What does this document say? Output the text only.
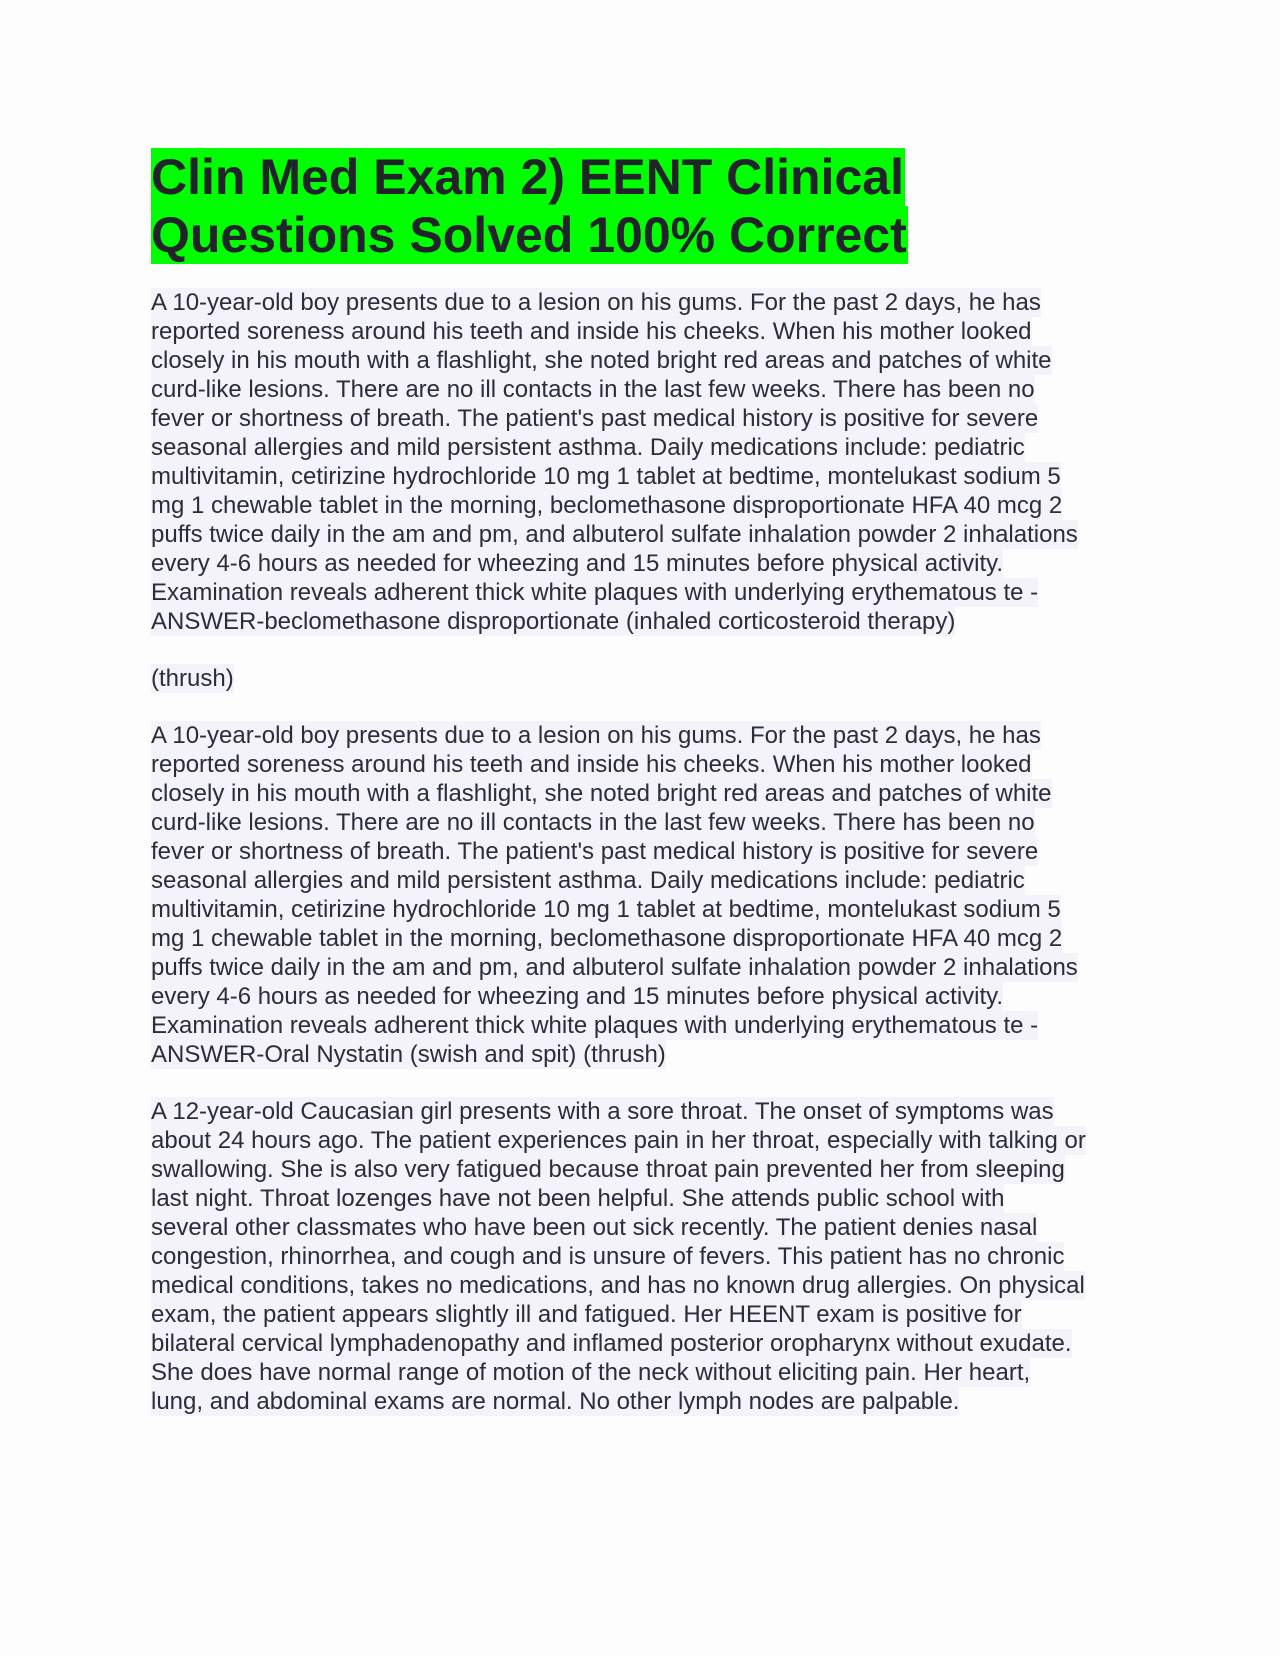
Clin Med Exam 2) EENT Clinical
Questions Solved 100% Correct

A 10-year-old boy presents due to a lesion on his gums. For the past 2 days, he has
reported soreness around his teeth and inside his cheeks. When his mother looked
closely in his mouth with a flashlight, she noted bright red areas and patches of white
curd-like lesions. There are no ill contacts in the last few weeks. There has been no
fever or shortness of breath. The patient's past medical history is positive for severe
seasonal allergies and mild persistent asthma. Daily medications include: pediatric
multivitamin, cetirizine hydrochloride 10 mg 1 tablet at bedtime, montelukast sodium 5
mg 1 chewable tablet in the morning, beclomethasone disproportionate HFA 40 mcg 2
puffs twice daily in the am and pm, and albuterol sulfate inhalation powder 2 inhalations
every 4-6 hours as needed for wheezing and 15 minutes before physical activity.
Examination reveals adherent thick white plaques with underlying erythematous te -
ANSWER-beclomethasone disproportionate (inhaled corticosteroid therapy)

(thrush)

A 10-year-old boy presents due to a lesion on his gums. For the past 2 days, he has
reported soreness around his teeth and inside his cheeks. When his mother looked
closely in his mouth with a flashlight, she noted bright red areas and patches of white
curd-like lesions. There are no ill contacts in the last few weeks. There has been no
fever or shortness of breath. The patient's past medical history is positive for severe
seasonal allergies and mild persistent asthma. Daily medications include: pediatric
multivitamin, cetirizine hydrochloride 10 mg 1 tablet at bedtime, montelukast sodium 5
mg 1 chewable tablet in the morning, beclomethasone disproportionate HFA 40 mcg 2
puffs twice daily in the am and pm, and albuterol sulfate inhalation powder 2 inhalations
every 4-6 hours as needed for wheezing and 15 minutes before physical activity.
Examination reveals adherent thick white plaques with underlying erythematous te -
ANSWER-Oral Nystatin (swish and spit) (thrush)

A 12-year-old Caucasian girl presents with a sore throat. The onset of symptoms was
about 24 hours ago. The patient experiences pain in her throat, especially with talking or
swallowing. She is also very fatigued because throat pain prevented her from sleeping
last night. Throat lozenges have not been helpful. She attends public school with
several other classmates who have been out sick recently. The patient denies nasal
congestion, rhinorrhea, and cough and is unsure of fevers. This patient has no chronic
medical conditions, takes no medications, and has no known drug allergies. On physical
exam, the patient appears slightly ill and fatigued. Her HEENT exam is positive for
bilateral cervical lymphadenopathy and inflamed posterior oropharynx without exudate.
She does have normal range of motion of the neck without eliciting pain. Her heart,
lung, and abdominal exams are normal. No other lymph nodes are palpable.
